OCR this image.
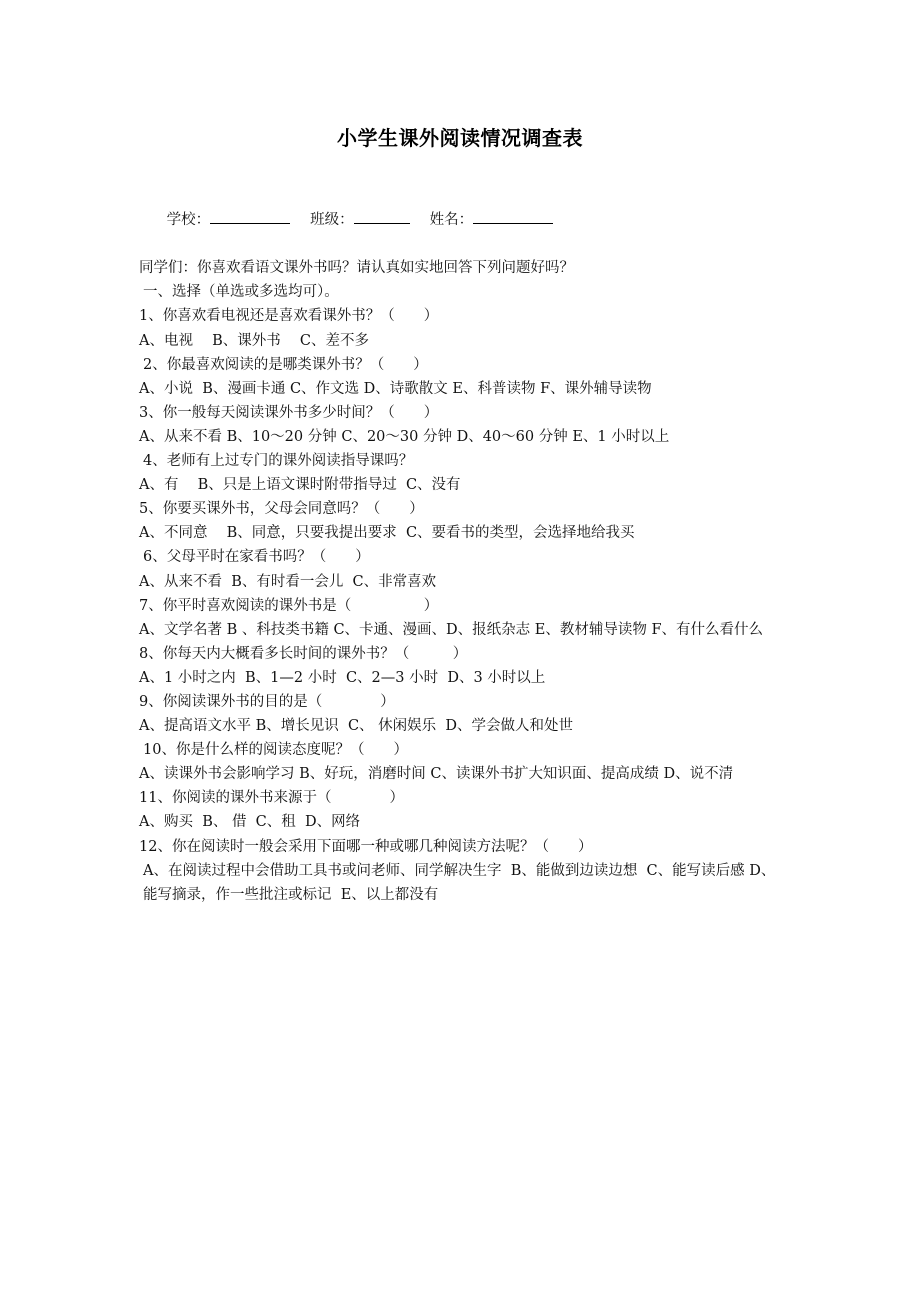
小学生课外阅读情况调查表

学校：	班级：	姓名：

同学们：你喜欢看语文课外书吗？请认真如实地回答下列问题好吗？
一、选择（单选或多选均可）。
1、你喜欢看电视还是喜欢看课外书？（　　）
A、电视　 B、课外书　 C、差不多
2、你最喜欢阅读的是哪类课外书？（　　）
A、小说  B、漫画卡通 C、作文选 D、诗歌散文 E、科普读物 F、课外辅导读物
3、你一般每天阅读课外书多少时间？（　　）
A、从来不看 B、10～20 分钟 C、20～30 分钟 D、40～60 分钟 E、1 小时以上
4、老师有上过专门的课外阅读指导课吗？
A、有　 B、只是上语文课时附带指导过  C、没有
5、你要买课外书，父母会同意吗？（　　）
A、不同意　 B、同意，只要我提出要求  C、要看书的类型，会选择地给我买
6、父母平时在家看书吗？（　　）
A、从来不看  B、有时看一会儿  C、非常喜欢
7、你平时喜欢阅读的课外书是（　　　　　）
A、文学名著 B 、科技类书籍 C、卡通、漫画、D、报纸杂志 E、教材辅导读物 F、有什么看什么
8、你每天内大概看多长时间的课外书？（　　　）
A、1 小时之内  B、1—2 小时  C、2—3 小时  D、3 小时以上
9、你阅读课外书的目的是（　　　　）
A、提高语文水平 B、增长见识  C、 休闲娱乐  D、学会做人和处世
10、你是什么样的阅读态度呢？（　　）
A、读课外书会影响学习 B、好玩，消磨时间 C、读课外书扩大知识面、提高成绩 D、说不清
11、你阅读的课外书来源于（　　　　）
A、购买  B、 借  C、租  D、网络
12、你在阅读时一般会采用下面哪一种或哪几种阅读方法呢？（　　）
A、在阅读过程中会借助工具书或问老师、同学解决生字  B、能做到边读边想  C、能写读后感 D、能写摘录，作一些批注或标记  E、以上都没有
